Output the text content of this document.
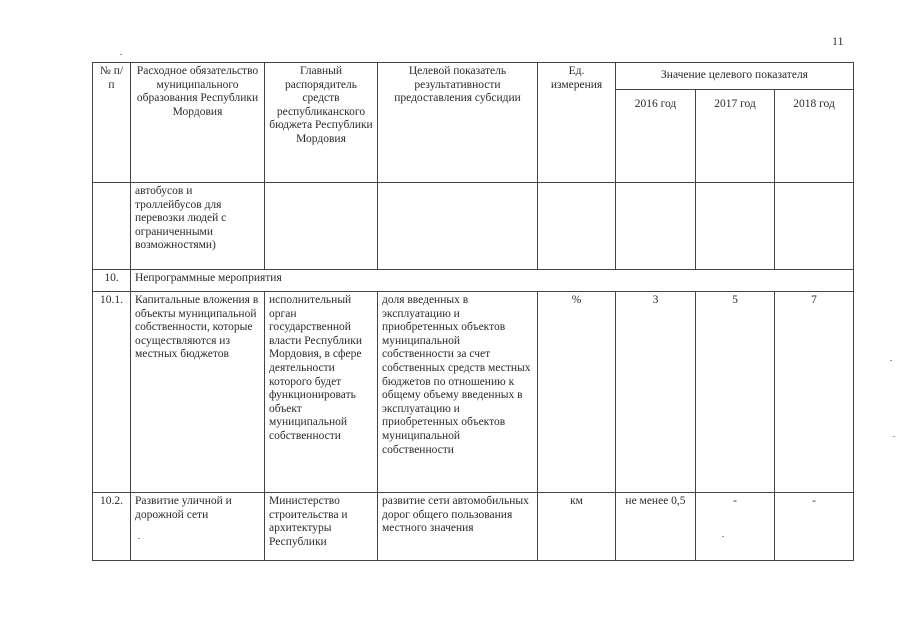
11
№ п/п	Расходное обязательство муниципального образования Республики Мордовия	Главный распорядитель средств республиканского бюджета Республики Мордовия	Целевой показатель результативности предоставления субсидии	Ед. измерения	Значение целевого показателя		
					2016 год	2017 год	2018 год
	автобусов и троллейбусов для перевозки людей с ограниченными возможностями)						
10.	Непрограммные мероприятия						
10.1.	Капитальные вложения в объекты муниципальной собственности, которые осуществляются из местных бюджетов	исполнительный орган государственной власти Республики Мордовия, в сфере деятельности которого будет функционировать объект муниципальной собственности	доля введенных в эксплуатацию и приобретенных объектов муниципальной собственности за счет собственных средств местных бюджетов по отношению к общему объему введенных в эксплуатацию и приобретенных объектов муниципальной собственности	%	3	5	7
10.2.	Развитие уличной и дорожной сети	Министерство строительства и архитектуры Республики	развитие сети автомобильных дорог общего пользования местного значения	км	не менее 0,5	-	-
